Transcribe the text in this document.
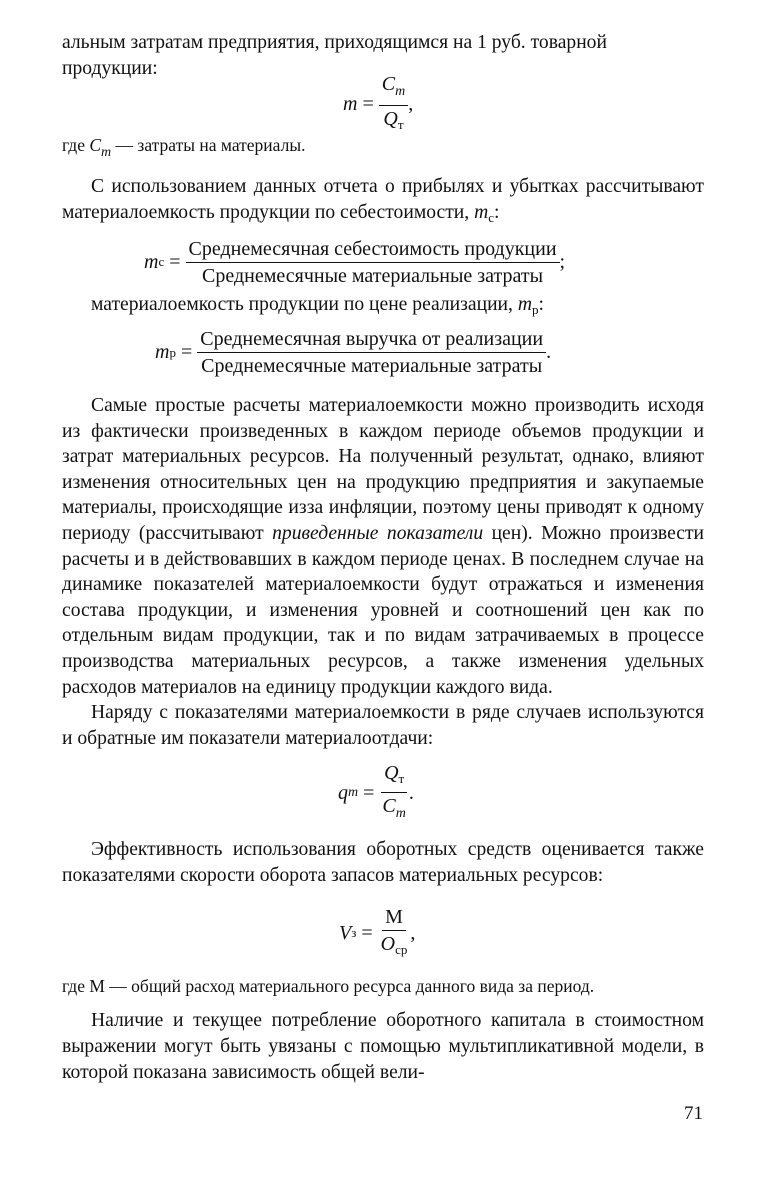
альным затратам предприятия, приходящимся на 1 руб. товарной
продукции:

$m = \frac{C_m}{Q_т}$ ,

где $C_m$ — затраты на материалы.

С использованием данных отчета о прибылях и убытках рассчитывают материалоемкость продукции по себестоимости, $m_c$:

m $c = \frac{\text{Среднемесячная себестоимость продукции}}{\text{Среднемесячные материальные затраты}}$ ;

материалоемкость продукции по цене реализации, $m_p$:

m $p = \frac{\text{Среднемесячная выручка от реализации}}{\text{Среднемесячные материальные затраты}}$ .

Самые простые расчеты материалоемкости можно производить исходя из фактически произведенных в каждом периоде объемов продукции и затрат материальных ресурсов. На полученный результат, однако, влияют изменения относительных цен на продукцию предприятия и закупаемые материалы, происходящие изза инфляции, поэтому цены приводят к одному периоду (рассчитывают приведенные показатели цен). Можно произвести расчеты и в действовавших в каждом периоде ценах. В последнем случае на динамике показателей материалоемкости будут отражаться и изменения состава продукции, и изменения уровней и соотношений цен как по отдельным видам продукции, так и по видам затрачиваемых в процессе производства материальных ресурсов, а также изменения удельных расходов материалов на единицу продукции каждого вида.

Наряду с показателями материалоемкости в ряде случаев используются и обратные им показатели материалоотдачи:

q $m = \frac{Q_т}{C_m}$ .

Эффективность использования оборотных средств оценивается также показателями скорости оборота запасов материальных ресурсов:

V $з = \frac{М}{O_{ср}}$ ,

где М — общий расход материального ресурса данного вида за период.

Наличие и текущее потребление оборотного капитала в стоимостном выражении могут быть увязаны с помощью мультипликативной модели, в которой показана зависимость общей вели-

71
